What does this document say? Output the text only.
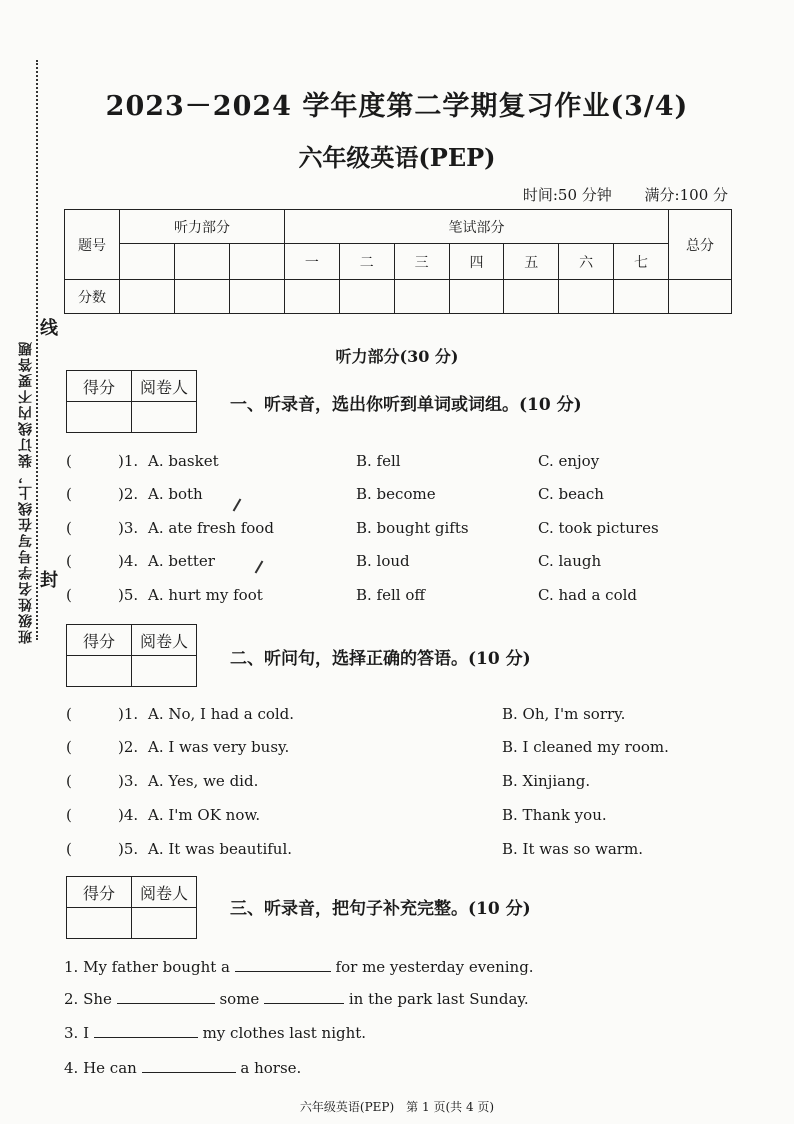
班级姓名学号写在线上，装订线内不要答题
线
封
2023－2024 学年度第二学期复习作业(3/4)
六年级英语(PEP)
时间:50 分钟 满分:100 分
题号	听力部分			笔试部分							总分
				一	二	三	四	五	六	七	
分数											
听力部分(30 分)
得分	阅卷人

一、听录音，选出你听到单词或词组。(10 分)
(	)1. A. basket	B. fell	C. enjoy
(	)2. A. both	B. become	C. beach
(	)3. A. ate fresh food	B. bought gifts	C. took pictures
(	)4. A. better	B. loud	C. laugh
(	)5. A. hurt my foot	B. fell off	C. had a cold
得分	阅卷人

二、听问句，选择正确的答语。(10 分)
(	)1. A. No, I had a cold.	B. Oh, I'm sorry.
(	)2. A. I was very busy.	B. I cleaned my room.
(	)3. A. Yes, we did.	B. Xinjiang.
(	)4. A. I'm OK now.	B. Thank you.
(	)5. A. It was beautiful.	B. It was so warm.
得分	阅卷人

三、听录音，把句子补充完整。(10 分)
1. My father bought a	for me yesterday evening.
2. She	some	in the park last Sunday.
3. I	my clothes last night.
4. He can	a horse.
六年级英语(PEP)　第 1 页(共 4 页)
